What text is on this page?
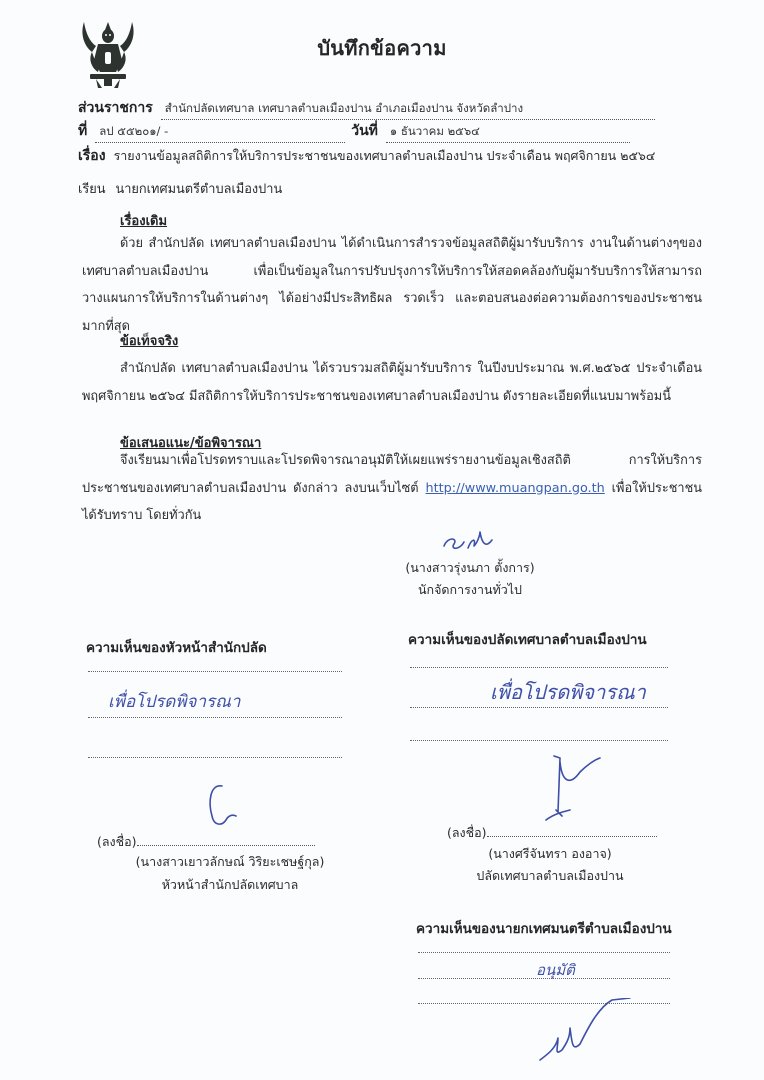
บันทึกข้อความ
ส่วนราชการ	สำนักปลัดเทศบาล เทศบาลตำบลเมืองปาน อำเภอเมืองปาน จังหวัดลำปาง
ที่	ลป ๕๕๒๐๑/ -	วันที่	๑ ธันวาคม ๒๕๖๔
เรื่อง รายงานข้อมูลสถิติการให้บริการประชาชนของเทศบาลตำบลเมืองปาน ประจำเดือน พฤศจิกายน ๒๕๖๔
เรียน นายกเทศมนตรีตำบลเมืองปาน
เรื่องเดิม
ด้วย สำนักปลัด เทศบาลตำบลเมืองปาน ได้ดำเนินการสำรวจข้อมูลสถิติผู้มารับบริการ งานในด้านต่างๆของเทศบาลตำบลเมืองปาน เพื่อเป็นข้อมูลในการปรับปรุงการให้บริการให้สอดคล้องกับผู้มารับบริการให้สามารถวางแผนการให้บริการในด้านต่างๆ ได้อย่างมีประสิทธิผล รวดเร็ว และตอบสนองต่อความต้องการของประชาชนมากที่สุด
ข้อเท็จจริง
สำนักปลัด เทศบาลตำบลเมืองปาน ได้รวบรวมสถิติผู้มารับบริการ ในปีงบประมาณ พ.ศ.๒๕๖๕ ประจำเดือน พฤศจิกายน ๒๕๖๔ มีสถิติการให้บริการประชาชนของเทศบาลตำบลเมืองปาน ดังรายละเอียดที่แนบมาพร้อมนี้
ข้อเสนอแนะ/ข้อพิจารณา
จึงเรียนมาเพื่อโปรดทราบและโปรดพิจารณาอนุมัติให้เผยแพร่รายงานข้อมูลเชิงสถิติ การให้บริการประชาชนของเทศบาลตำบลเมืองปาน ดังกล่าว ลงบนเว็บไซต์ http://www.muangpan.go.th เพื่อให้ประชาชนได้รับทราบ โดยทั่วกัน
(นางสาวรุ่งนภา ตั้งการ)
นักจัดการงานทั่วไป
ความเห็นของหัวหน้าสำนักปลัด
เพื่อโปรดพิจารณา
(ลงชื่อ)
(นางสาวเยาวลักษณ์ วิริยะเชษฐ์กุล)
หัวหน้าสำนักปลัดเทศบาล
ความเห็นของปลัดเทศบาลตำบลเมืองปาน
เพื่อโปรดพิจารณา
(ลงชื่อ)
(นางศรีจันทรา องอาจ)
ปลัดเทศบาลตำบลเมืองปาน
ความเห็นของนายกเทศมนตรีตำบลเมืองปาน
อนุมัติ
